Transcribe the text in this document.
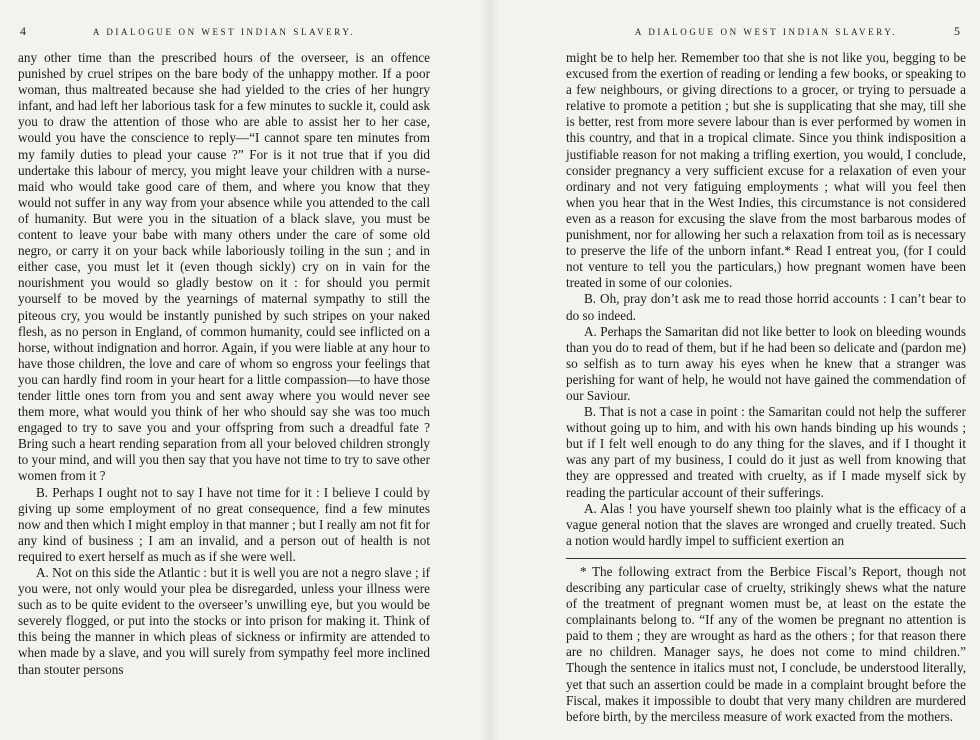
4	A DIALOGUE ON WEST INDIAN SLAVERY.

any other time than the prescribed hours of the overseer, is an offence punished by cruel stripes on the bare body of the unhappy mother. If a poor woman, thus maltreated because she had yielded to the cries of her hungry infant, and had left her laborious task for a few minutes to suckle it, could ask you to draw the attention of those who are able to assist her to her case, would you have the conscience to reply—“I cannot spare ten minutes from my family duties to plead your cause ?” For is it not true that if you did undertake this labour of mercy, you might leave your children with a nurse-maid who would take good care of them, and where you know that they would not suffer in any way from your absence while you attended to the call of humanity. But were you in the situation of a black slave, you must be content to leave your babe with many others under the care of some old negro, or carry it on your back while laboriously toiling in the sun ; and in either case, you must let it (even though sickly) cry on in vain for the nourishment you would so gladly bestow on it : for should you permit yourself to be moved by the yearnings of maternal sympathy to still the piteous cry, you would be instantly punished by such stripes on your naked flesh, as no person in England, of common humanity, could see inflicted on a horse, without indignation and horror. Again, if you were liable at any hour to have those children, the love and care of whom so engross your feelings that you can hardly find room in your heart for a little compassion—to have those tender little ones torn from you and sent away where you would never see them more, what would you think of her who should say she was too much engaged to try to save you and your offspring from such a dreadful fate ? Bring such a heart rending separation from all your beloved children strongly to your mind, and will you then say that you have not time to try to save other women from it ?

B. Perhaps I ought not to say I have not time for it : I believe I could by giving up some employment of no great consequence, find a few minutes now and then which I might employ in that manner ; but I really am not fit for any kind of business ; I am an invalid, and a person out of health is not required to exert herself as much as if she were well.

A. Not on this side the Atlantic : but it is well you are not a negro slave ; if you were, not only would your plea be disregarded, unless your illness were such as to be quite evident to the overseer’s unwilling eye, but you would be severely flogged, or put into the stocks or into prison for making it. Think of this being the manner in which pleas of sickness or infirmity are attended to when made by a slave, and you will surely from sympathy feel more inclined than stouter persons

A DIALOGUE ON WEST INDIAN SLAVERY.	5

might be to help her. Remember too that she is not like you, begging to be excused from the exertion of reading or lending a few books, or speaking to a few neighbours, or giving directions to a grocer, or trying to persuade a relative to promote a petition ; but she is supplicating that she may, till she is better, rest from more severe labour than is ever performed by women in this country, and that in a tropical climate. Since you think indisposition a justifiable reason for not making a trifling exertion, you would, I conclude, consider pregnancy a very sufficient excuse for a relaxation of even your ordinary and not very fatiguing employments ; what will you feel then when you hear that in the West Indies, this circumstance is not considered even as a reason for excusing the slave from the most barbarous modes of punishment, nor for allowing her such a relaxation from toil as is necessary to preserve the life of the unborn infant.* Read I entreat you, (for I could not venture to tell you the particulars,) how pregnant women have been treated in some of our colonies.

B. Oh, pray don’t ask me to read those horrid accounts : I can’t bear to do so indeed.

A. Perhaps the Samaritan did not like better to look on bleeding wounds than you do to read of them, but if he had been so delicate and (pardon me) so selfish as to turn away his eyes when he knew that a stranger was perishing for want of help, he would not have gained the commendation of our Saviour.

B. That is not a case in point : the Samaritan could not help the sufferer without going up to him, and with his own hands binding up his wounds ; but if I felt well enough to do any thing for the slaves, and if I thought it was any part of my business, I could do it just as well from knowing that they are oppressed and treated with cruelty, as if I made myself sick by reading the particular account of their sufferings.

A. Alas ! you have yourself shewn too plainly what is the efficacy of a vague general notion that the slaves are wronged and cruelly treated. Such a notion would hardly impel to sufficient exertion an

* The following extract from the Berbice Fiscal’s Report, though not describing any particular case of cruelty, strikingly shews what the nature of the treatment of pregnant women must be, at least on the estate the complainants belong to. “If any of the women be pregnant no attention is paid to them ; they are wrought as hard as the others ; for that reason there are no children. Manager says, he does not come to mind children.” Though the sentence in italics must not, I conclude, be understood literally, yet that such an assertion could be made in a complaint brought before the Fiscal, makes it impossible to doubt that very many children are murdered before birth, by the merciless measure of work exacted from the mothers.
